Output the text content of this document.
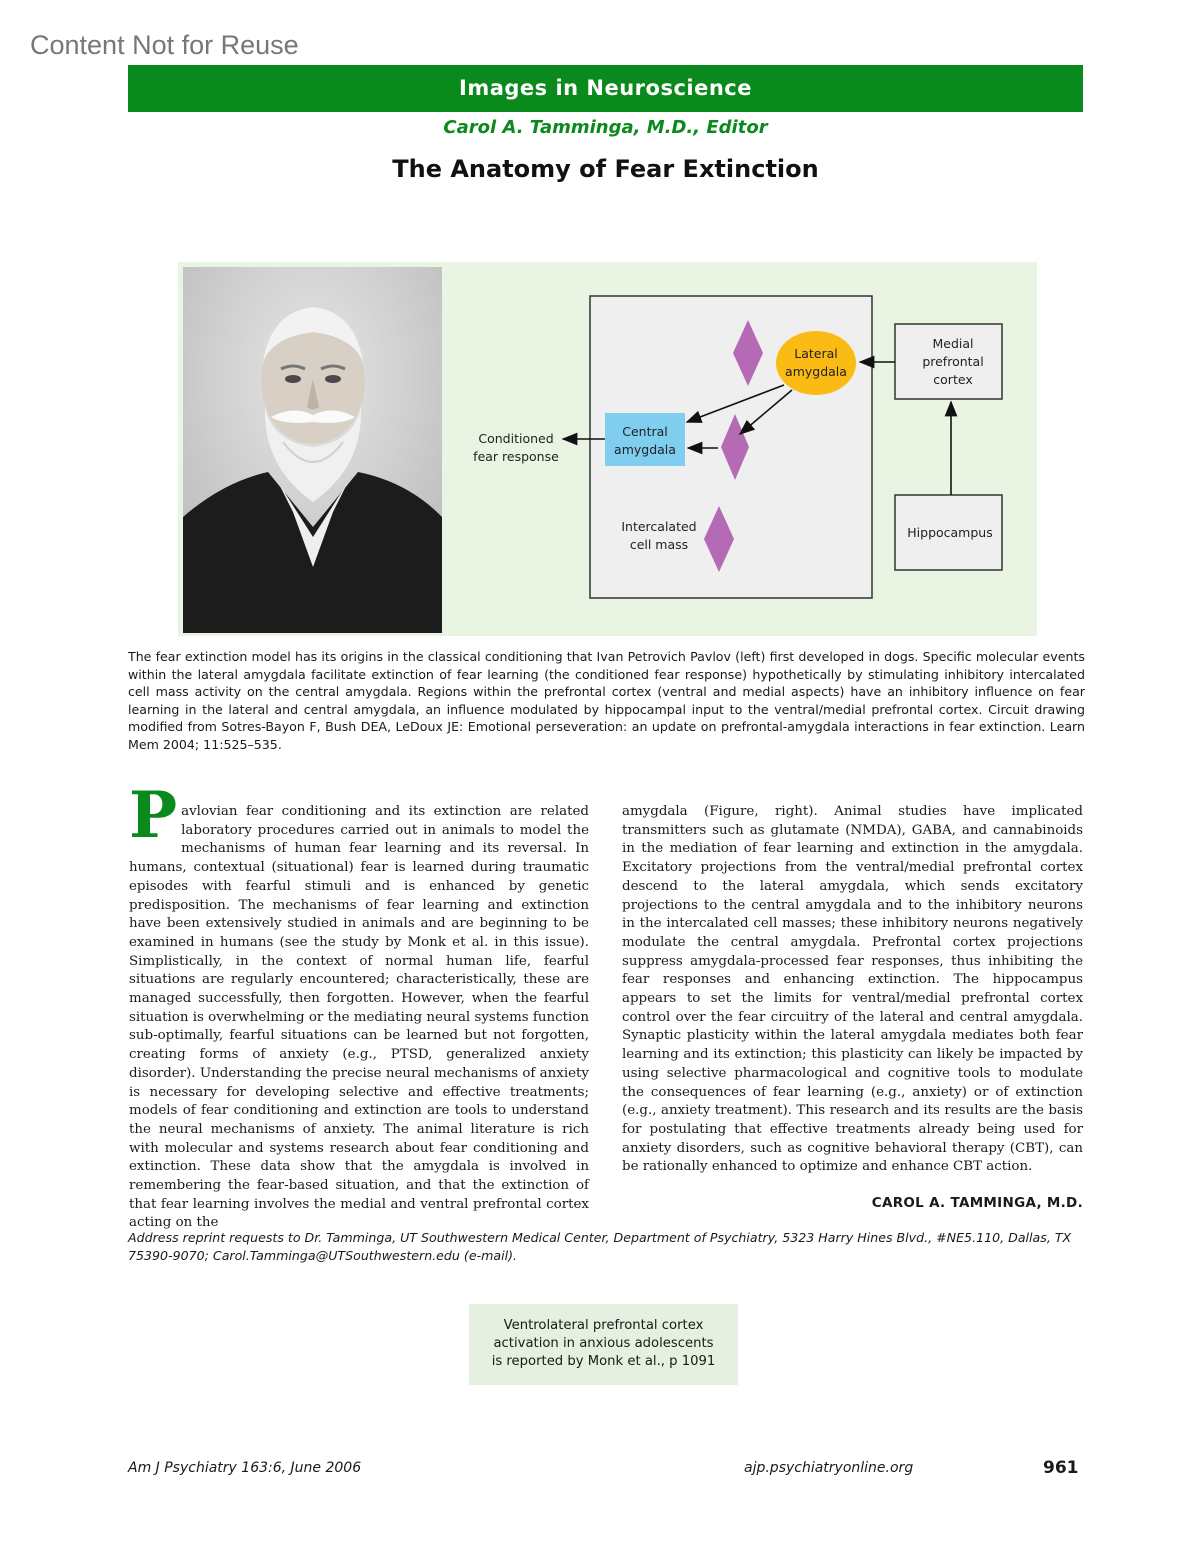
Content Not for Reuse
Images in Neuroscience
Carol A. Tamminga, M.D., Editor
The Anatomy of Fear Extinction
Lateral
amygdala
Medial
prefrontal
cortex
Central
amygdala
Conditioned
fear response
Intercalated
cell mass
Hippocampus
The fear extinction model has its origins in the classical conditioning that Ivan Petrovich Pavlov (left) first developed in dogs. Specific molecular events within the lateral amygdala facilitate extinction of fear learning (the conditioned fear response) hypothetically by stimulating inhibitory intercalated cell mass activity on the central amygdala. Regions within the prefrontal cortex (ventral and medial aspects) have an inhibitory influence on fear learning in the lateral and central amygdala, an influence modulated by hippocampal input to the ventral/medial prefrontal cortex. Circuit drawing modified from Sotres-Bayon F, Bush DEA, LeDoux JE: Emotional perseveration: an update on prefrontal-amygdala interactions in fear extinction. Learn Mem 2004; 11:525–535.
Pavlovian fear conditioning and its extinction are related laboratory procedures carried out in animals to model the mechanisms of human fear learning and its reversal. In humans, contextual (situational) fear is learned during traumatic episodes with fearful stimuli and is enhanced by genetic predisposition. The mechanisms of fear learning and extinction have been extensively studied in animals and are beginning to be examined in humans (see the study by Monk et al. in this issue). Simplistically, in the context of normal human life, fearful situations are regularly encountered; characteristically, these are managed successfully, then forgotten. However, when the fearful situation is overwhelming or the mediating neural systems function sub-optimally, fearful situations can be learned but not forgotten, creating forms of anxiety (e.g., PTSD, generalized anxiety disorder). Understanding the precise neural mechanisms of anxiety is necessary for developing selective and effective treatments; models of fear conditioning and extinction are tools to understand the neural mechanisms of anxiety. The animal literature is rich with molecular and systems research about fear conditioning and extinction. These data show that the amygdala is involved in remembering the fear-based situation, and that the extinction of that fear learning involves the medial and ventral prefrontal cortex acting on the
amygdala (Figure, right). Animal studies have implicated transmitters such as glutamate (NMDA), GABA, and cannabinoids in the mediation of fear learning and extinction in the amygdala. Excitatory projections from the ventral/medial prefrontal cortex descend to the lateral amygdala, which sends excitatory projections to the central amygdala and to the inhibitory neurons in the intercalated cell masses; these inhibitory neurons negatively modulate the central amygdala. Prefrontal cortex projections suppress amygdala-processed fear responses, thus inhibiting the fear responses and enhancing extinction. The hippocampus appears to set the limits for ventral/medial prefrontal cortex control over the fear circuitry of the lateral and central amygdala. Synaptic plasticity within the lateral amygdala mediates both fear learning and its extinction; this plasticity can likely be impacted by using selective pharmacological and cognitive tools to modulate the consequences of fear learning (e.g., anxiety) or of extinction (e.g., anxiety treatment). This research and its results are the basis for postulating that effective treatments already being used for anxiety disorders, such as cognitive behavioral therapy (CBT), can be rationally enhanced to optimize and enhance CBT action.
CAROL A. TAMMINGA, M.D.
Address reprint requests to Dr. Tamminga, UT Southwestern Medical Center, Department of Psychiatry, 5323 Harry Hines Blvd., #NE5.110, Dallas, TX 75390-9070; Carol.Tamminga@UTSouthwestern.edu (e-mail).
Ventrolateral prefrontal cortex
activation in anxious adolescents
is reported by Monk et al., p 1091
Am J Psychiatry 163:6, June 2006	ajp.psychiatryonline.org	961
